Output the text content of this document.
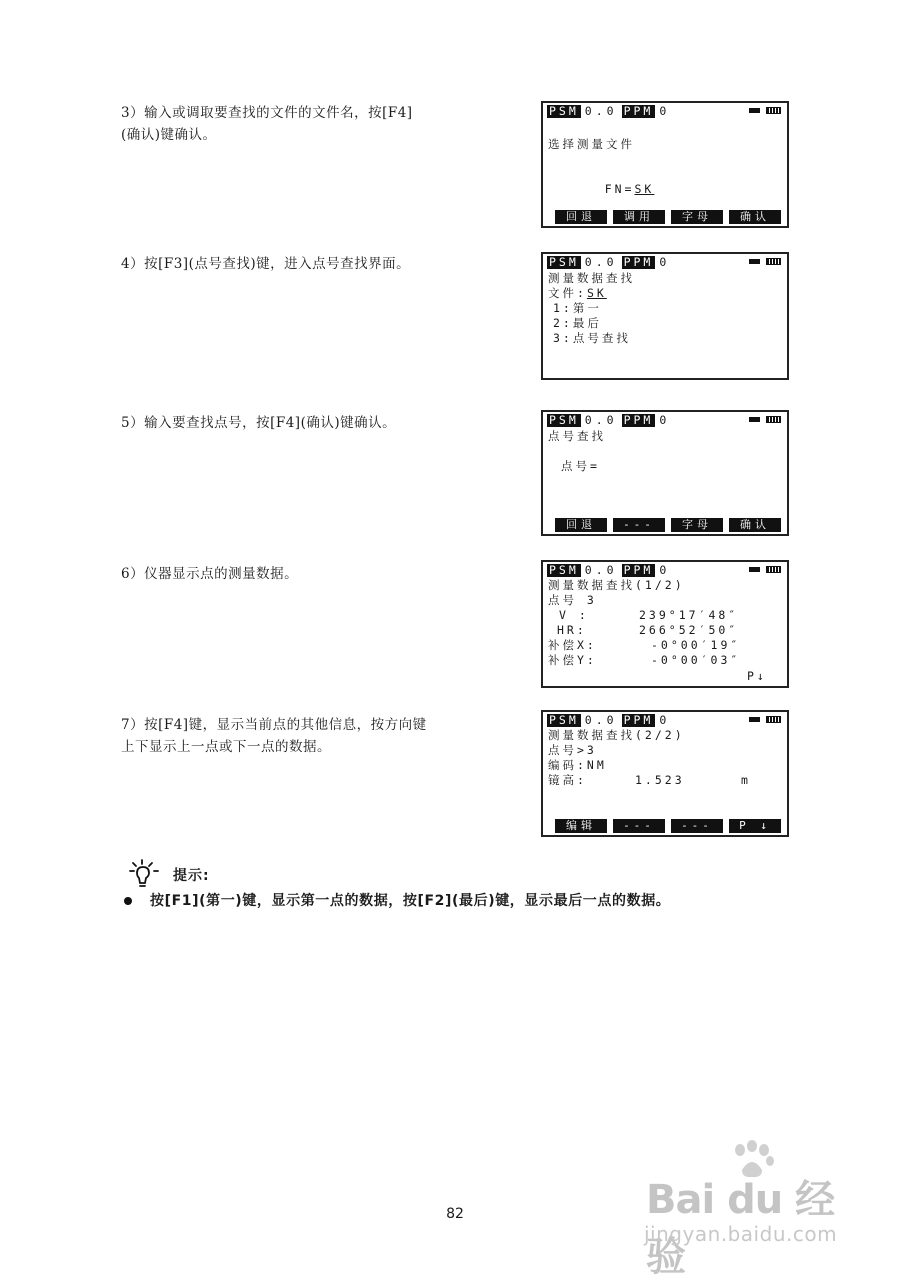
3）输入或调取要查找的文件的文件名，按[F4]
(确认)键确认。
4）按[F3](点号查找)键，进入点号查找界面。
5）输入要查找点号，按[F4](确认)键确认。
6）仪器显示点的测量数据。
7）按[F4]键，显示当前点的其他信息，按方向键
上下显示上一点或下一点的数据。
PSM 0.0 PPM 0
选择测量文件

FN=SK

回退	调用	字母	确认
PSM 0.0 PPM 0
测量数据查找
文件:SK
1:第一
2:最后
3:点号查找
PSM 0.0 PPM 0
点号查找
点号=
回退	---	字母	确认
PSM 0.0 PPM 0
测量数据查找(1/2)
点号 3
V :	239°17′48″
HR:	266°52′50″
补偿X:	-0°00′19″
补偿Y:	-0°00′03″
P↓
PSM 0.0 PPM 0
测量数据查找(2/2)
点号>3
编码:NM
镜高:	1.523	m
编辑	---	---	P ↓
提示:
按[F1](第一)键，显示第一点的数据，按[F2](最后)键，显示最后一点的数据。
82	Bai du 经验
jingyan.baidu.com
